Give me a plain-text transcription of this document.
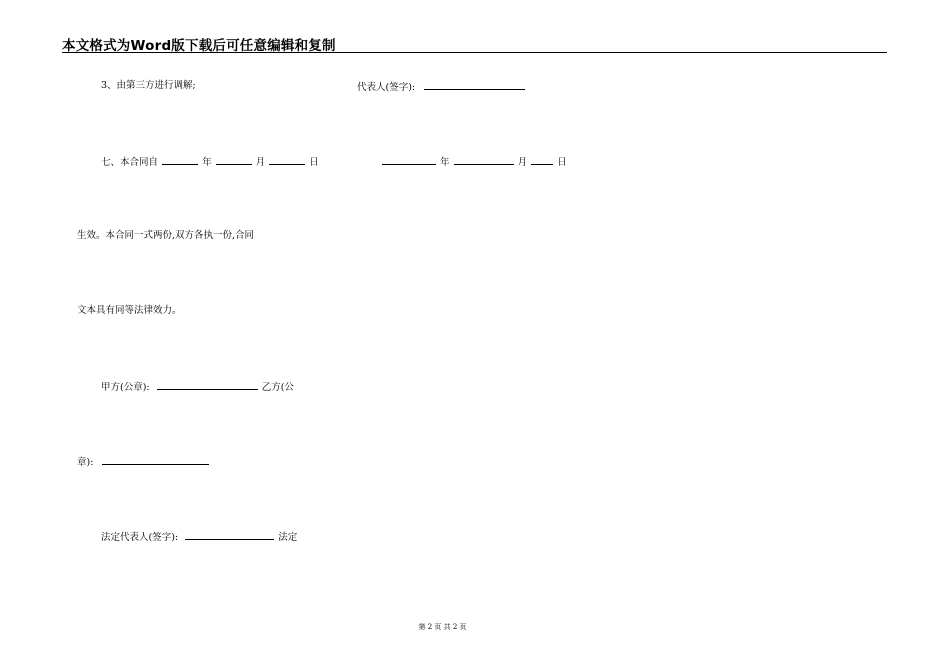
本文格式为Word版下载后可任意编辑和复制
3、由第三方进行调解;	代表人(签字):
七、本合同自	年	月	日	年	月	日
生效。本合同一式两份,双方各执一份,合同
文本具有同等法律效力。
甲方(公章):	乙方(公
章):
法定代表人(签字):	法定
第 2 页 共 2 页
